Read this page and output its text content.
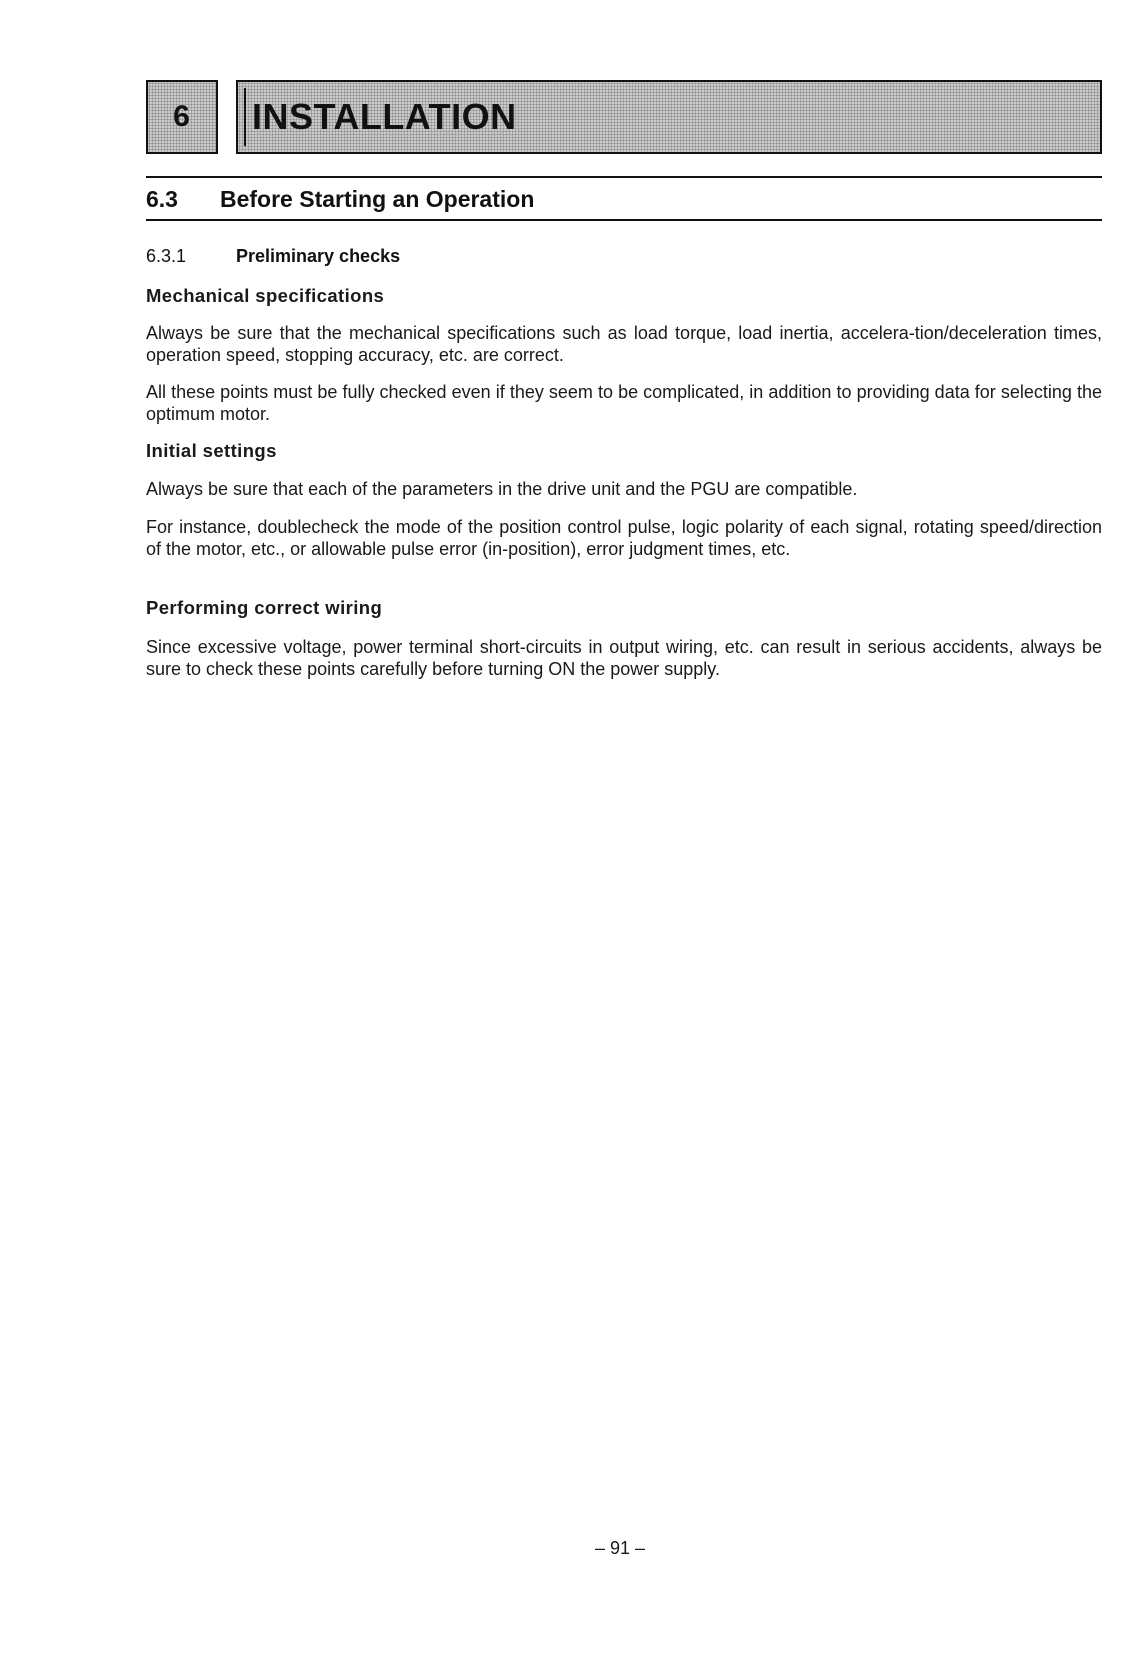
6 INSTALLATION
6.3 Before Starting an Operation
6.3.1	Preliminary checks
Mechanical specifications

Always be sure that the mechanical specifications such as load torque, load inertia, accelera-tion/deceleration times, operation speed, stopping accuracy, etc. are correct.

All these points must be fully checked even if they seem to be complicated, in addition to providing data for selecting the optimum motor.

Initial settings

Always be sure that each of the parameters in the drive unit and the PGU are compatible.

For instance, doublecheck the mode of the position control pulse, logic polarity of each signal, rotating speed/direction of the motor, etc., or allowable pulse error (in-position), error judgment times, etc.

Performing correct wiring

Since excessive voltage, power terminal short-circuits in output wiring, etc. can result in serious accidents, always be sure to check these points carefully before turning ON the power supply.

– 91 –
